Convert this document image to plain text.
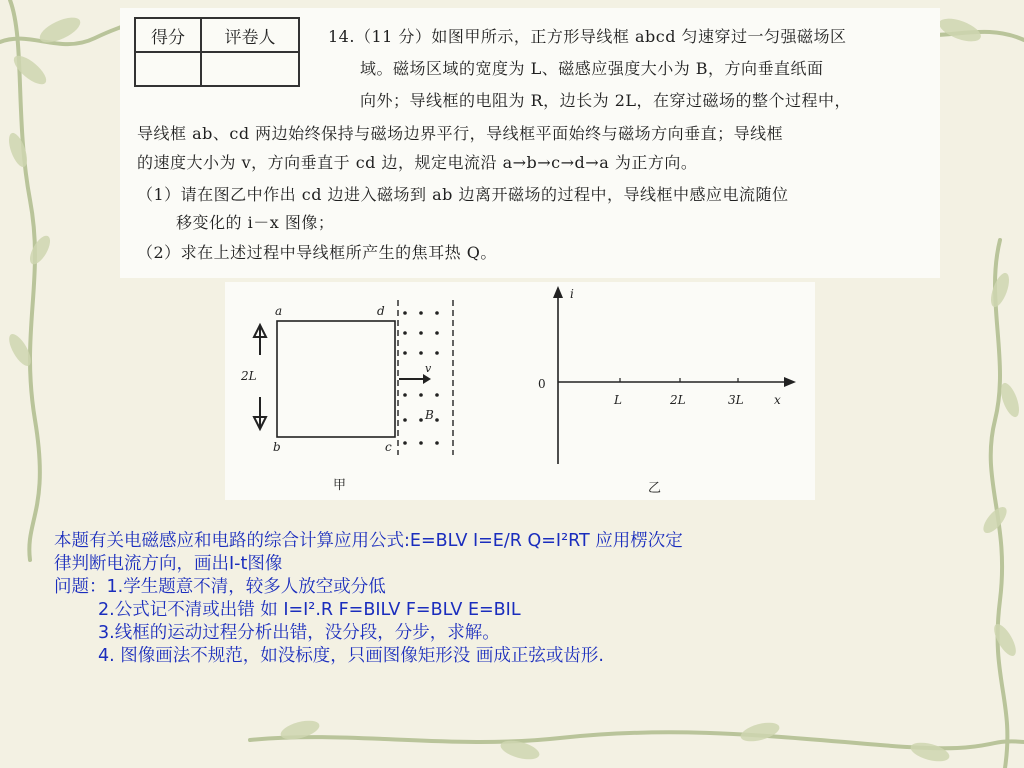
得分	评卷人
		14.（11 分）如图甲所示，正方形导线框 abcd 匀速穿过一匀强磁场区
域。磁场区域的宽度为 L、磁感应强度大小为 B，方向垂直纸面
向外；导线框的电阻为 R，边长为 2L，在穿过磁场的整个过程中，
导线框 ab、cd 两边始终保持与磁场边界平行，导线框平面始终与磁场方向垂直；导线框
的速度大小为 v，方向垂直于 cd 边，规定电流沿 a→b→c→d→a 为正方向。
（1）请在图乙中作出 cd 边进入磁场到 ab 边离开磁场的过程中，导线框中感应电流随位
移变化的 i－x 图像；
（2）求在上述过程中导线框所产生的焦耳热 Q。
a	d
b	c
2L
v
B
甲
i
x
0
L	2L	3L
乙
本题有关电磁感应和电路的综合计算应用公式:E=BLV I=E/R Q=I²RT 应用楞次定
律判断电流方向，画出I-t图像
问题：1.学生题意不清，较多人放空或分低
2.公式记不清或出错 如 I=I².R F=BILV F=BLV E=BIL
3.线框的运动过程分析出错，没分段，分步，求解。
4. 图像画法不规范，如没标度，只画图像矩形没 画成正弦或齿形.
